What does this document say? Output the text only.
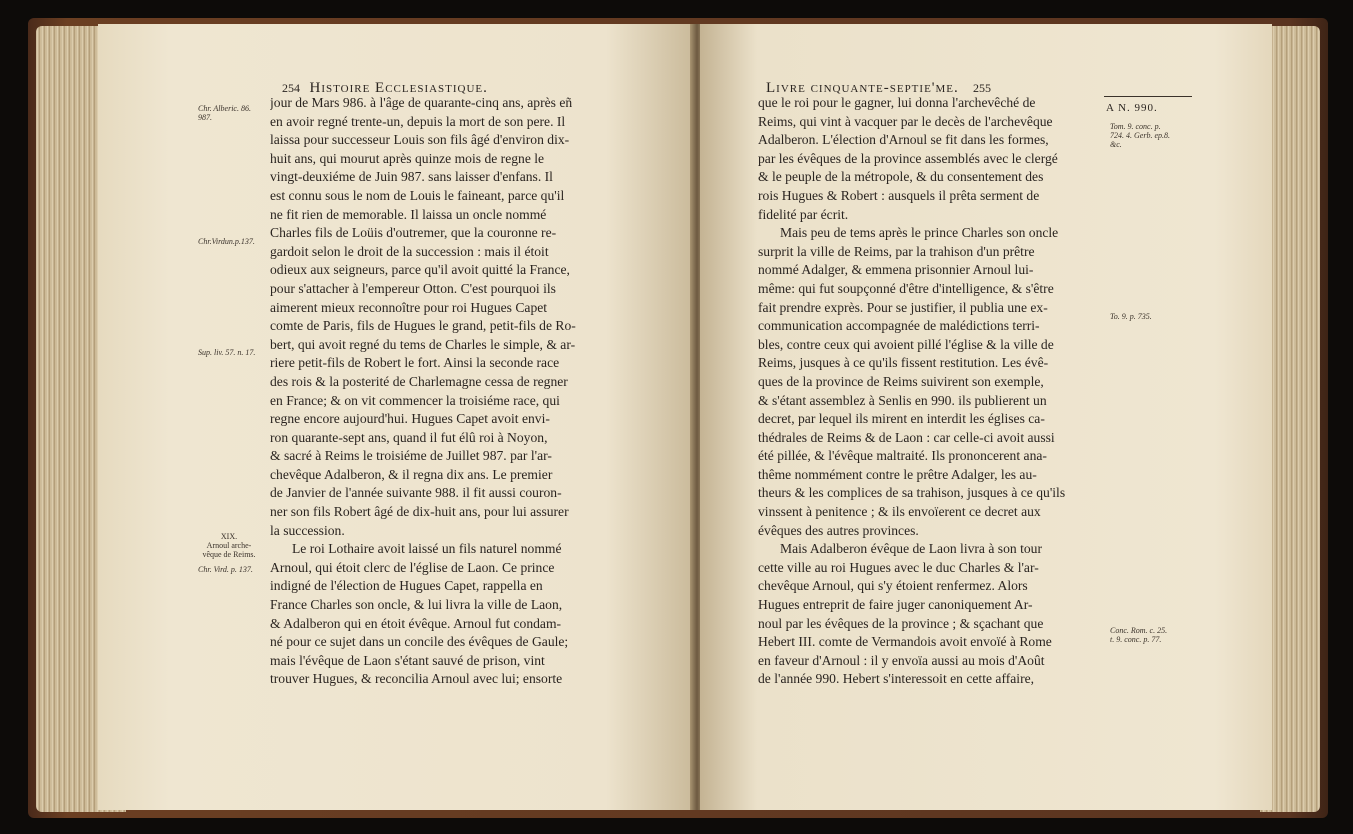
254 Histoire Ecclesiastique.
Chr. Alberic. 86.
987.
Chr.Virdun.p.137.
Sup. liv. 57. n. 17.
XIX.
Arnoul arche-
vêque de Reims.
Chr. Vird. p. 137.
jour de Mars 986. à l'âge de quarante-cinq ans, après eñ
en avoir regné trente-un, depuis la mort de son pere. Il
laissa pour successeur Louis son fils âgé d'environ dix-
huit ans, qui mourut après quinze mois de regne le
vingt-deuxiéme de Juin 987. sans laisser d'enfans. Il
est connu sous le nom de Louis le faineant, parce qu'il
ne fit rien de memorable. Il laissa un oncle nommé
Charles fils de Loüis d'outremer, que la couronne re-
gardoit selon le droit de la succession : mais il étoit
odieux aux seigneurs, parce qu'il avoit quitté la France,
pour s'attacher à l'empereur Otton. C'est pourquoi ils
aimerent mieux reconnoître pour roi Hugues Capet
comte de Paris, fils de Hugues le grand, petit-fils de Ro-
bert, qui avoit regné du tems de Charles le simple, & ar-
riere petit-fils de Robert le fort. Ainsi la seconde race
des rois & la posterité de Charlemagne cessa de regner
en France; & on vit commencer la troisiéme race, qui
regne encore aujourd'hui. Hugues Capet avoit envi-
ron quarante-sept ans, quand il fut élû roi à Noyon,
& sacré à Reims le troisiéme de Juillet 987. par l'ar-
chevêque Adalberon, & il regna dix ans. Le premier
de Janvier de l'année suivante 988. il fit aussi couron-
ner son fils Robert âgé de dix-huit ans, pour lui assurer
la succession.
Le roi Lothaire avoit laissé un fils naturel nommé
Arnoul, qui étoit clerc de l'église de Laon. Ce prince
indigné de l'élection de Hugues Capet, rappella en
France Charles son oncle, & lui livra la ville de Laon,
& Adalberon qui en étoit évêque. Arnoul fut condam-
né pour ce sujet dans un concile des évêques de Gaule;
mais l'évêque de Laon s'étant sauvé de prison, vint
trouver Hugues, & reconcilia Arnoul avec lui; ensorte
Livre cinquante-septie'me. 255
A N. 990.
Tom. 9. conc. p.
724. 4. Gerb. ep.8.
&c.
To. 9. p. 735.
Conc. Rom. c. 25.
t. 9. conc. p. 77.
que le roi pour le gagner, lui donna l'archevêché de
Reims, qui vint à vacquer par le decès de l'archevêque
Adalberon. L'élection d'Arnoul se fit dans les formes,
par les évêques de la province assemblés avec le clergé
& le peuple de la métropole, & du consentement des
rois Hugues & Robert : ausquels il prêta serment de
fidelité par écrit.
Mais peu de tems après le prince Charles son oncle
surprit la ville de Reims, par la trahison d'un prêtre
nommé Adalger, & emmena prisonnier Arnoul lui-
même: qui fut soupçonné d'être d'intelligence, & s'être
fait prendre exprès. Pour se justifier, il publia une ex-
communication accompagnée de malédictions terri-
bles, contre ceux qui avoient pillé l'église & la ville de
Reims, jusques à ce qu'ils fissent restitution. Les évê-
ques de la province de Reims suivirent son exemple,
& s'étant assemblez à Senlis en 990. ils publierent un
decret, par lequel ils mirent en interdit les églises ca-
thédrales de Reims & de Laon : car celle-ci avoit aussi
été pillée, & l'évêque maltraité. Ils prononcerent ana-
thême nommément contre le prêtre Adalger, les au-
theurs & les complices de sa trahison, jusques à ce qu'ils
vinssent à penitence ; & ils envoïerent ce decret aux
évêques des autres provinces.
Mais Adalberon évêque de Laon livra à son tour
cette ville au roi Hugues avec le duc Charles & l'ar-
chevêque Arnoul, qui s'y étoient renfermez. Alors
Hugues entreprit de faire juger canoniquement Ar-
noul par les évêques de la province ; & sçachant que
Hebert III. comte de Vermandois avoit envoïé à Rome
en faveur d'Arnoul : il y envoïa aussi au mois d'Août
de l'année 990. Hebert s'interessoit en cette affaire,
